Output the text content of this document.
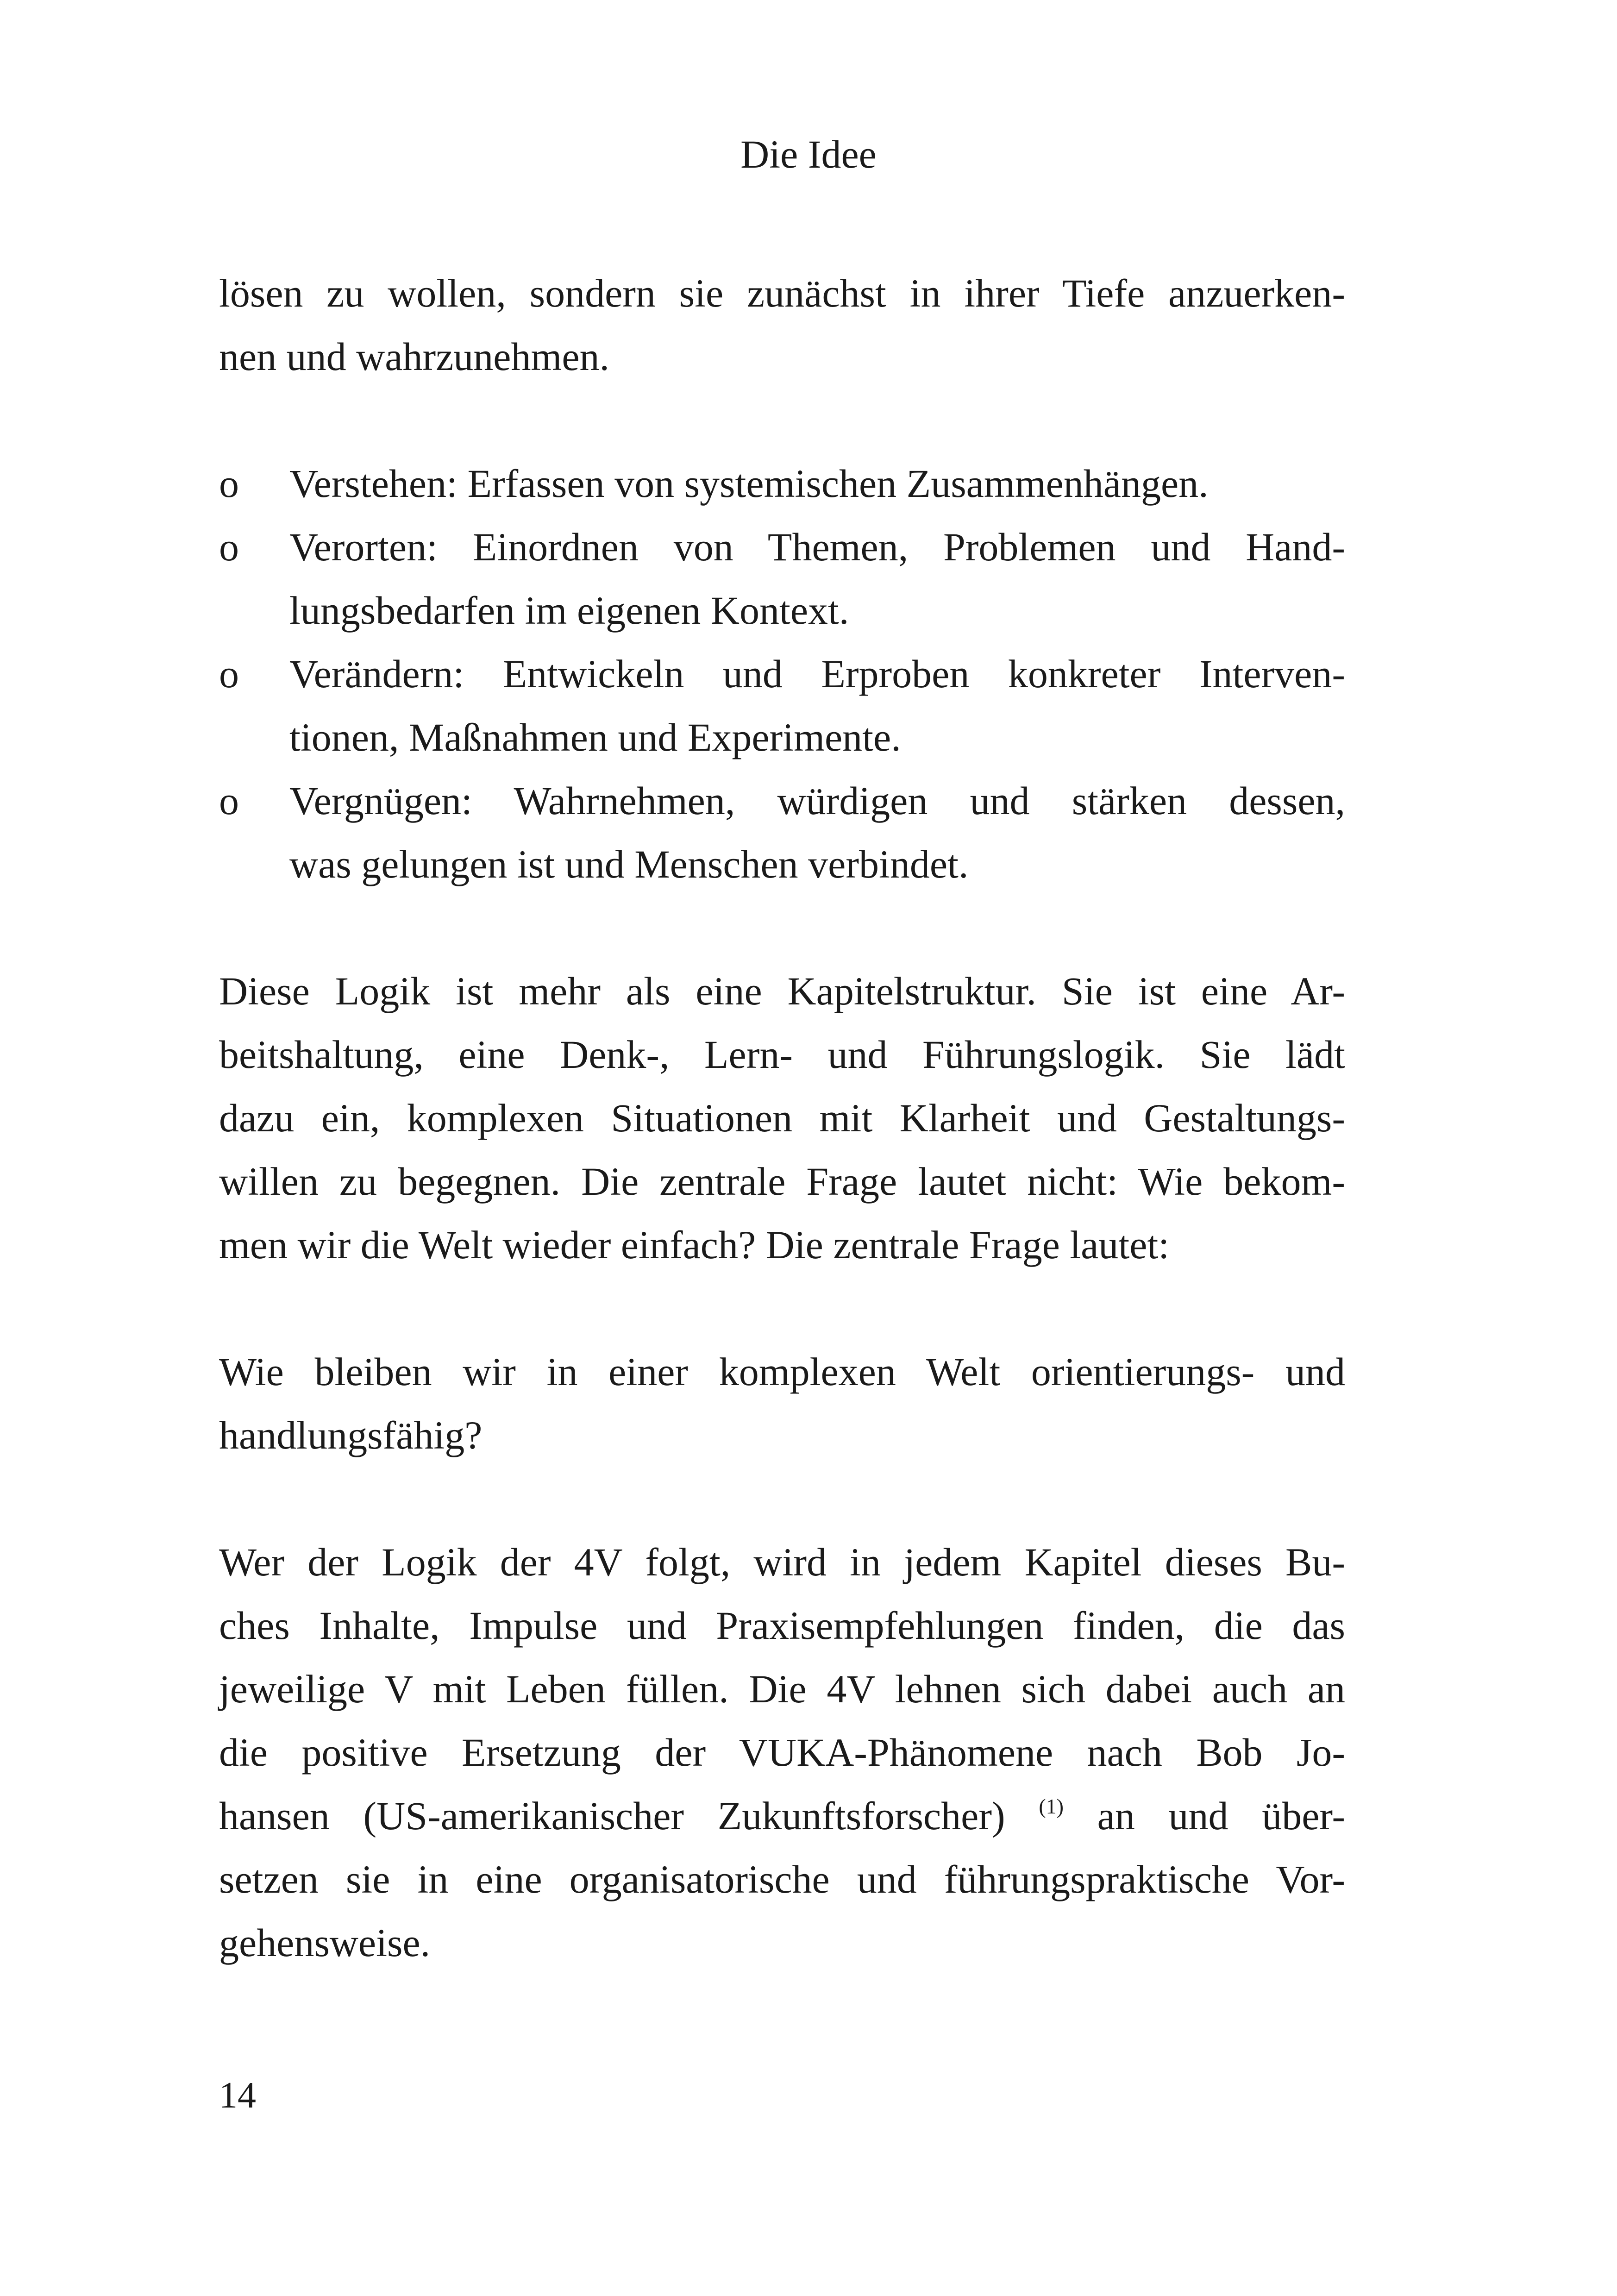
Die Idee

lösen zu wollen, sondern sie zunächst in ihrer Tiefe anzuerken-
nen und wahrzunehmen.

o	Verstehen: Erfassen von systemischen Zusammenhängen.
o	Verorten: Einordnen von Themen, Problemen und Hand-
lungsbedarfen im eigenen Kontext.
o	Verändern: Entwickeln und Erproben konkreter Interven-
tionen, Maßnahmen und Experimente.
o	Vergnügen: Wahrnehmen, würdigen und stärken dessen,
was gelungen ist und Menschen verbindet.

Diese Logik ist mehr als eine Kapitelstruktur. Sie ist eine Ar-
beitshaltung, eine Denk-, Lern- und Führungslogik. Sie lädt
dazu ein, komplexen Situationen mit Klarheit und Gestaltungs-
willen zu begegnen. Die zentrale Frage lautet nicht: Wie bekom-
men wir die Welt wieder einfach? Die zentrale Frage lautet:

Wie bleiben wir in einer komplexen Welt orientierungs- und
handlungsfähig?

Wer der Logik der 4V folgt, wird in jedem Kapitel dieses Bu-
ches Inhalte, Impulse und Praxisempfehlungen finden, die das
jeweilige V mit Leben füllen. Die 4V lehnen sich dabei auch an
die positive Ersetzung der VUKA-Phänomene nach Bob Jo-
hansen (US-amerikanischer Zukunftsforscher) $^{(1)}$ an und über-
setzen sie in eine organisatorische und führungspraktische Vor-
gehensweise.

14
